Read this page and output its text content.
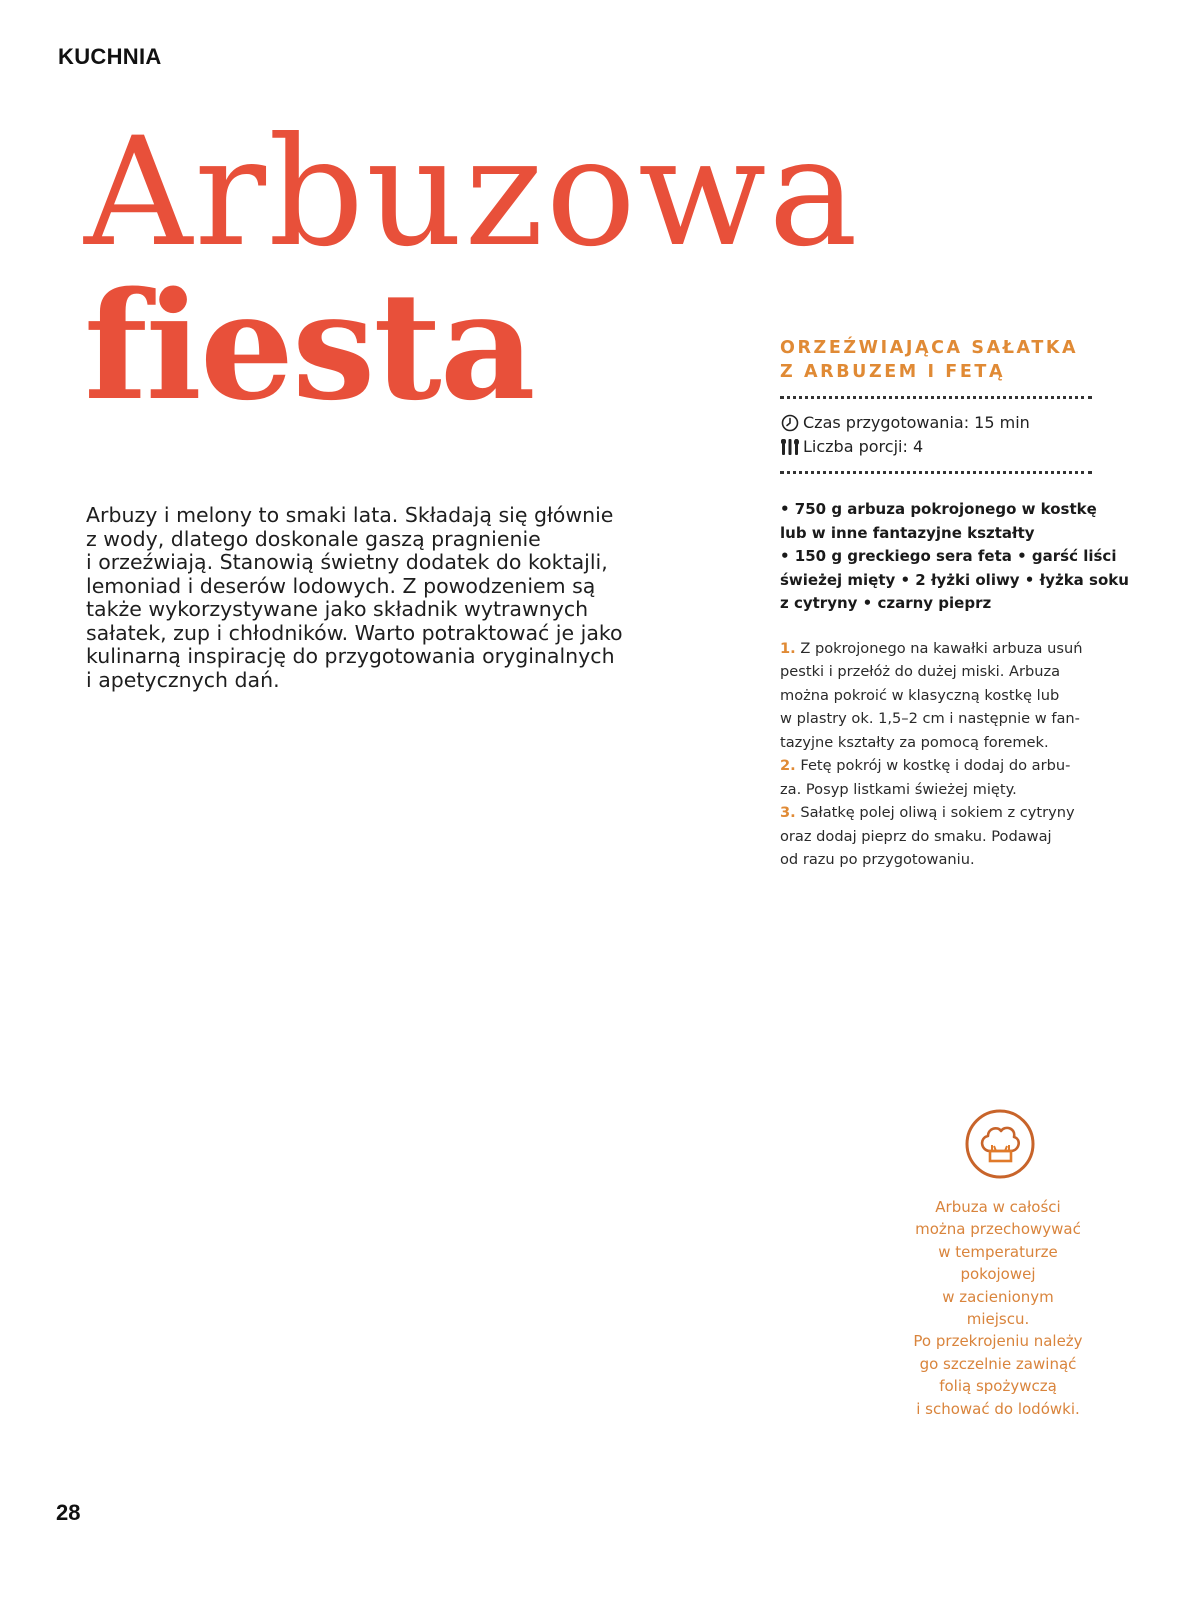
KUCHNIA
Arbuzowa
fiesta
Arbuzy i melony to smaki lata. Składają się głównie
z wody, dlatego doskonale gaszą pragnienie
i orzeźwiają. Stanowią świetny dodatek do koktajli,
lemoniad i deserów lodowych. Z powodzeniem są
także wykorzystywane jako składnik wytrawnych
sałatek, zup i chłodników. Warto potraktować je jako
kulinarną inspirację do przygotowania oryginalnych
i apetycznych dań.
ORZEŹWIAJĄCA SAŁATKA
Z ARBUZEM I FETĄ
Czas przygotowania: 15 min
Liczba porcji: 4
• 750 g arbuza pokrojonego w kostkę
lub w inne fantazyjne kształty
• 150 g greckiego sera feta • garść liści
świeżej mięty • 2 łyżki oliwy • łyżka soku
z cytryny • czarny pieprz
1. Z pokrojonego na kawałki arbuza usuń
pestki i przełóż do dużej miski. Arbuza
można pokroić w klasyczną kostkę lub
w plastry ok. 1,5–2 cm i następnie w fan-
tazyjne kształty za pomocą foremek.
2. Fetę pokrój w kostkę i dodaj do arbu-
za. Posyp listkami świeżej mięty.
3. Sałatkę polej oliwą i sokiem z cytryny
oraz dodaj pieprz do smaku. Podawaj
od razu po przygotowaniu.
Arbuza w całości
można przechowywać
w temperaturze
pokojowej
w zacienionym
miejscu.
Po przekrojeniu należy
go szczelnie zawinąć
folią spożywczą
i schować do lodówki.
28
